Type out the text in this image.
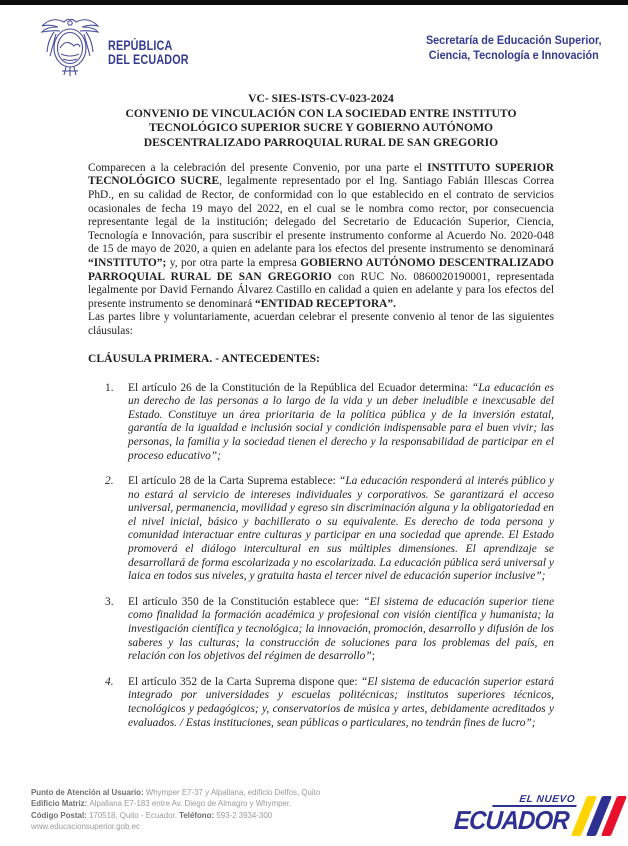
REPÚBLICA
DEL ECUADOR
Secretaría de Educación Superior,
Ciencia, Tecnología e Innovación
VC- SIES-ISTS-CV-023-2024
CONVENIO DE VINCULACIÓN CON LA SOCIEDAD ENTRE INSTITUTO
TECNOLÓGICO SUPERIOR SUCRE Y GOBIERNO AUTÓNOMO
DESCENTRALIZADO PARROQUIAL RURAL DE SAN GREGORIO

Comparecen a la celebración del presente Convenio, por una parte el INSTITUTO SUPERIOR TECNOLÓGICO SUCRE, legalmente representado por el Ing. Santiago Fabián Illescas Correa PhD., en su calidad de Rector, de conformidad con lo que establecido en el contrato de servicios ocasionales de fecha 19 mayo del 2022, en el cual se le nombra como rector, por consecuencia representante legal de la institución; delegado del Secretario de Educación Superior, Ciencia, Tecnología e Innovación, para suscribir el presente instrumento conforme al Acuerdo No. 2020-048 de 15 de mayo de 2020, a quien en adelante para los efectos del presente instrumento se denominará “INSTITUTO”; y, por otra parte la empresa GOBIERNO AUTÓNOMO DESCENTRALIZADO PARROQUIAL RURAL DE SAN GREGORIO con RUC No. 0860020190001, representada legalmente por David Fernando Álvarez Castillo en calidad a quien en adelante y para los efectos del presente instrumento se denominará “ENTIDAD RECEPTORA”.

Las partes libre y voluntariamente, acuerdan celebrar el presente convenio al tenor de las siguientes cláusulas:

CLÁUSULA PRIMERA. - ANTECEDENTES:
1.	El artículo 26 de la Constitución de la República del Ecuador determina: “La educación es un derecho de las personas a lo largo de la vida y un deber ineludible e inexcusable del Estado. Constituye un área prioritaria de la política pública y de la inversión estatal, garantía de la igualdad e inclusión social y condición indispensable para el buen vivir; las personas, la familia y la sociedad tienen el derecho y la responsabilidad de participar en el proceso educativo”;
2.	El artículo 28 de la Carta Suprema establece: “La educación responderá al interés público y no estará al servicio de intereses individuales y corporativos. Se garantizará el acceso universal, permanencia, movilidad y egreso sin discriminación alguna y la obligatoriedad en el nivel inicial, básico y bachillerato o su equivalente. Es derecho de toda persona y comunidad interactuar entre culturas y participar en una sociedad que aprende. El Estado promoverá el diálogo intercultural en sus múltiples dimensiones. El aprendizaje se desarrollará de forma escolarizada y no escolarizada. La educación pública será universal y laica en todos sus niveles, y gratuita hasta el tercer nivel de educación superior inclusive”;
3.	El artículo 350 de la Constitución establece que: “El sistema de educación superior tiene como finalidad la formación académica y profesional con visión científica y humanista; la investigación científica y tecnológica; la innovación, promoción, desarrollo y difusión de los saberes y las culturas; la construcción de soluciones para los problemas del país, en relación con los objetivos del régimen de desarrollo”;
4.	El artículo 352 de la Carta Suprema dispone que: “El sistema de educación superior estará integrado por universidades y escuelas politécnicas; institutos superiores técnicos, tecnológicos y pedagógicos; y, conservatorios de música y artes, debidamente acreditados y evaluados. / Estas instituciones, sean públicas o particulares, no tendrán fines de lucro”;
Punto de Atención al Usuario: Whymper E7-37 y Alpallana, edificio Delfos, Quito
Edificio Matriz: Alpallana E7-183 entre Av. Diego de Almagro y Whymper.
Código Postal: 170518, Quito - Ecuador. Teléfono: 593-2 3934-300
www.educacionsuperior.gob.ec
EL NUEVO
ECUADOR
